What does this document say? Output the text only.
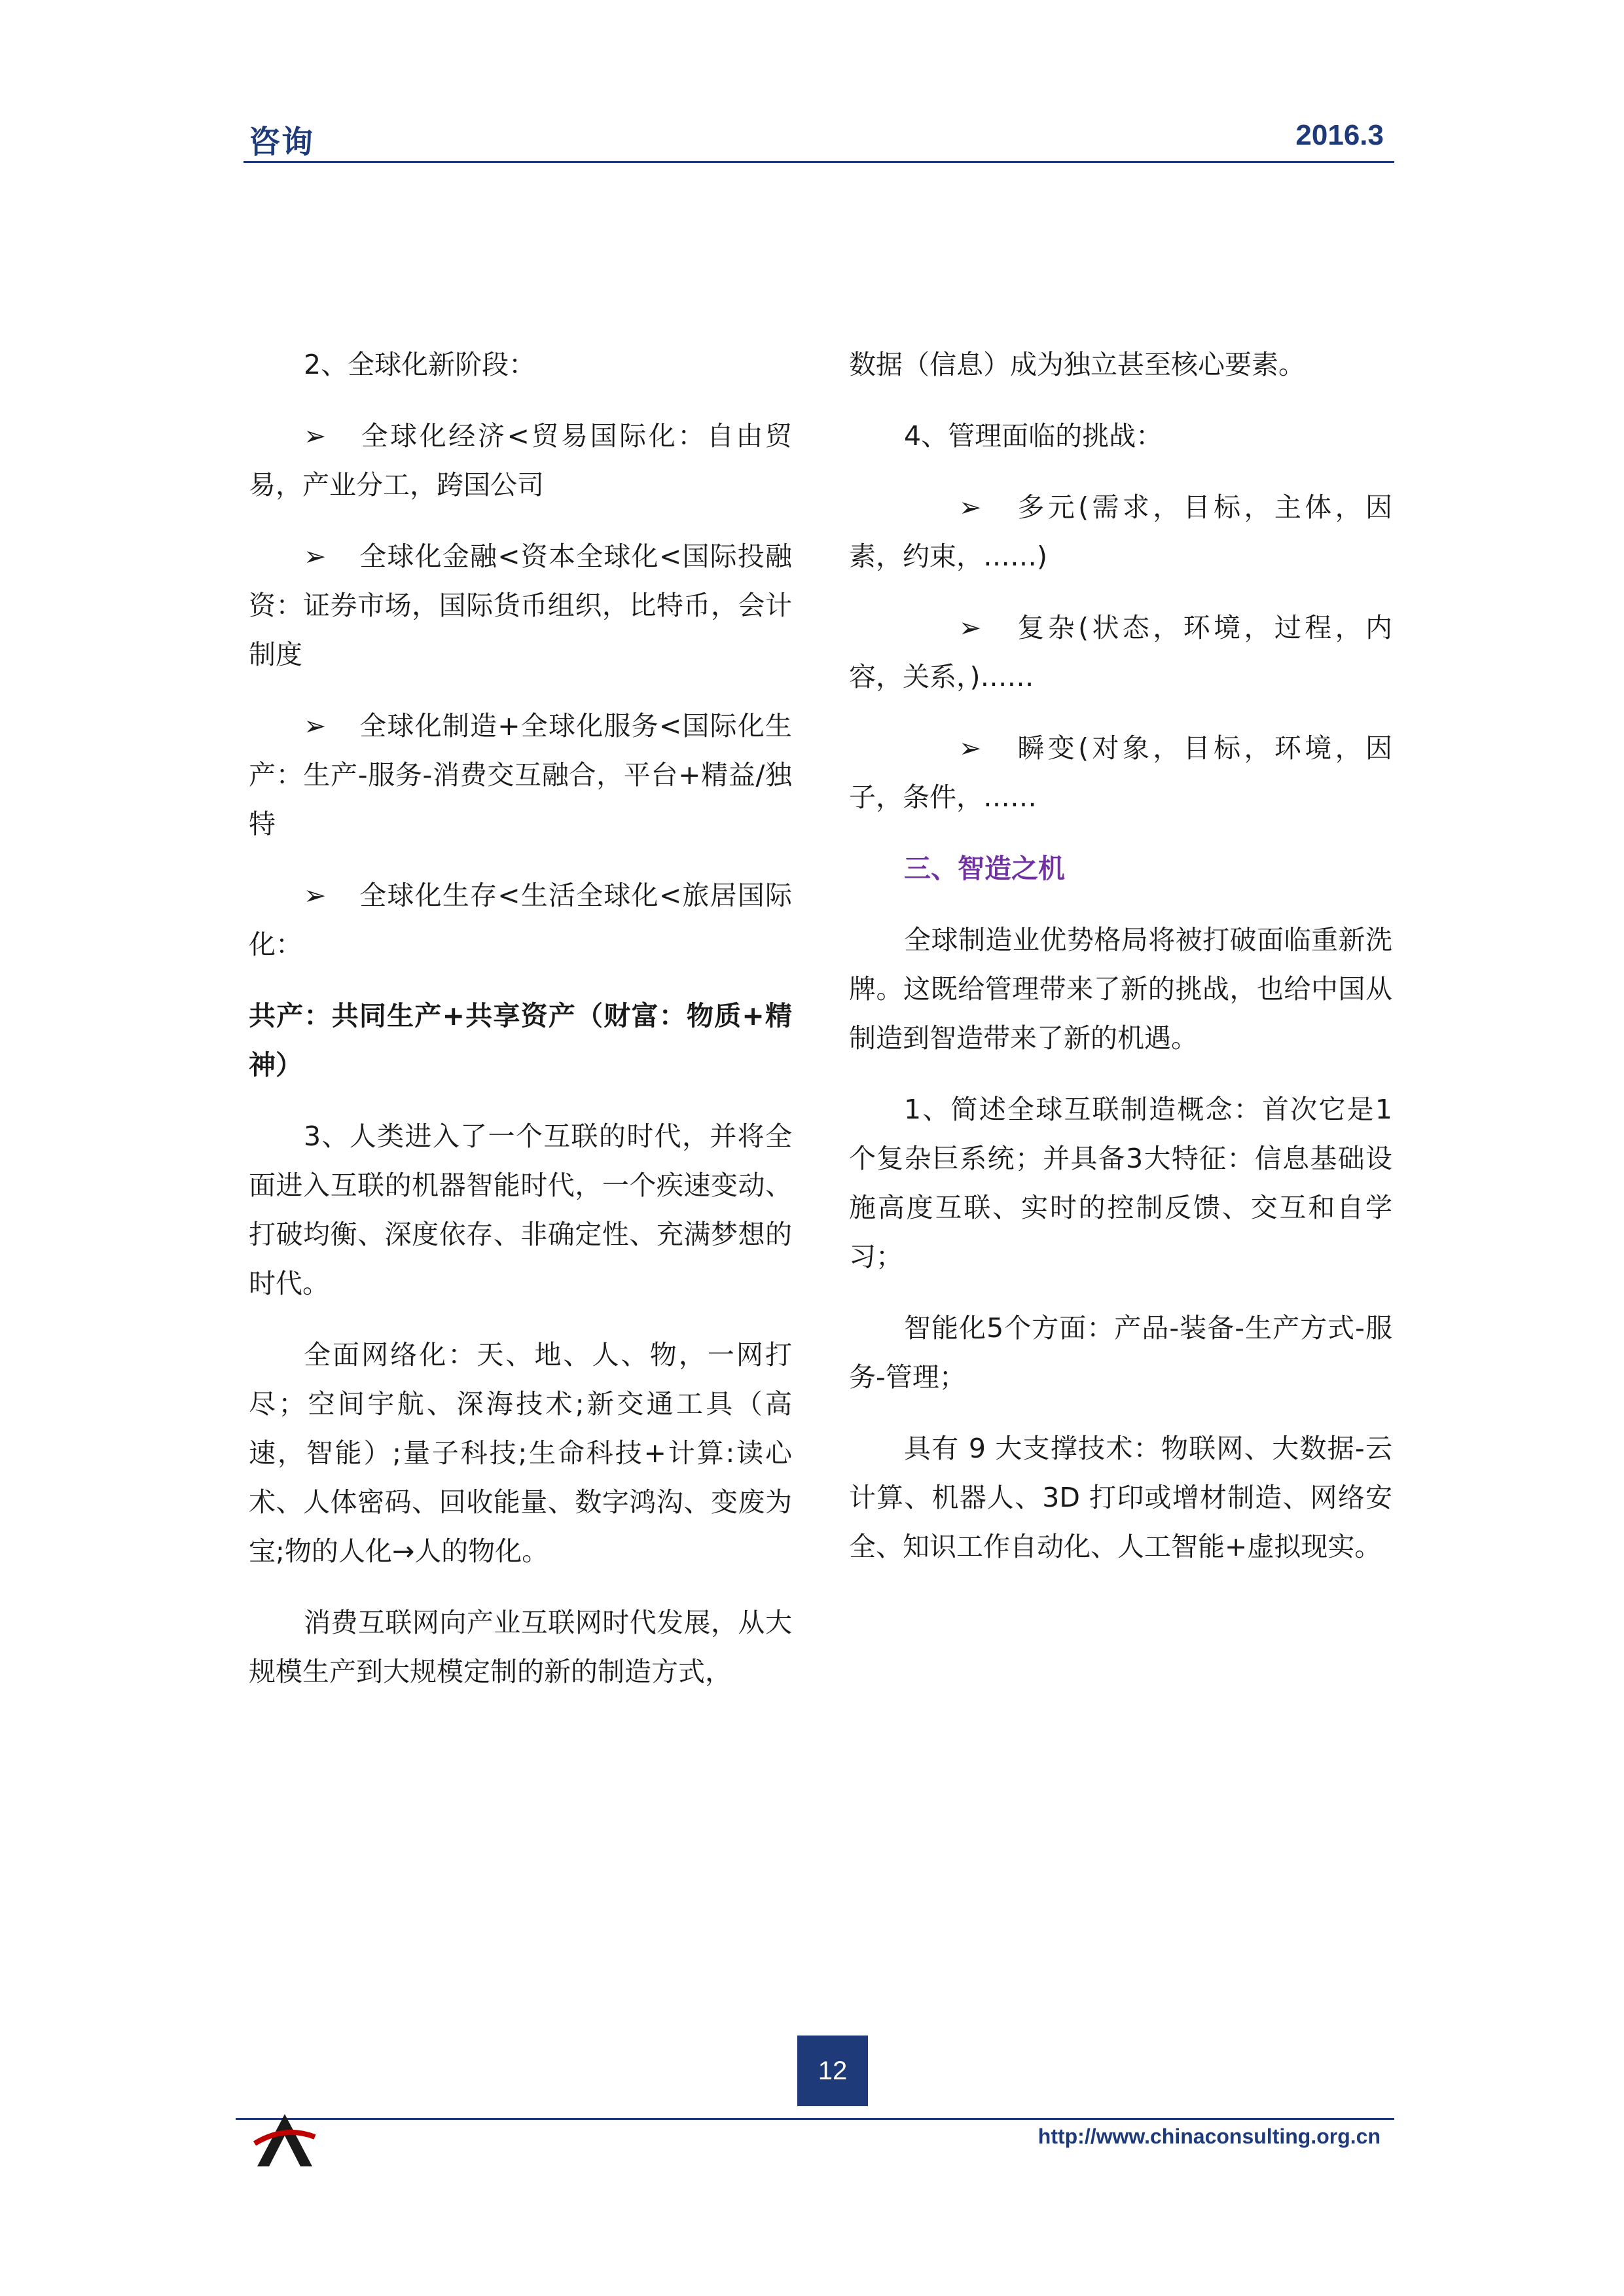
咨询	2016.3

2、全球化新阶段：

➢ 全球化经济<贸易国际化：自由贸易，产业分工，跨国公司

➢ 全球化金融<资本全球化<国际投融资：证券市场，国际货币组织，比特币，会计制度

➢ 全球化制造+全球化服务<国际化生产：生产-服务-消费交互融合，平台+精益/独特

➢ 全球化生存<生活全球化<旅居国际化：

共产：共同生产+共享资产（财富：物质+精神）

3、人类进入了一个互联的时代，并将全面进入互联的机器智能时代，一个疾速变动、打破均衡、深度依存、非确定性、充满梦想的时代。

全面网络化：天、地、人、物，一网打尽；空间宇航、深海技术;新交通工具（高速，智能）;量子科技;生命科技+计算:读心术、人体密码、回收能量、数字鸿沟、变废为宝;物的人化→人的物化。

消费互联网向产业互联网时代发展，从大规模生产到大规模定制的新的制造方式，

数据（信息）成为独立甚至核心要素。

4、管理面临的挑战：

➢ 多元(需求，目标，主体，因素，约束，……)

➢ 复杂(状态，环境，过程，内容，关系，)……

➢ 瞬变(对象，目标，环境，因子，条件，……

三、智造之机

全球制造业优势格局将被打破面临重新洗牌。这既给管理带来了新的挑战，也给中国从制造到智造带来了新的机遇。

1、简述全球互联制造概念：首次它是1个复杂巨系统；并具备3大特征：信息基础设施高度互联、实时的控制反馈、交互和自学习；

智能化5个方面：产品-装备-生产方式-服务-管理；

具有 9 大支撑技术：物联网、大数据-云计算、机器人、3D 打印或增材制造、网络安全、知识工作自动化、人工智能+虚拟现实。

12
http://www.chinaconsulting.org.cn
